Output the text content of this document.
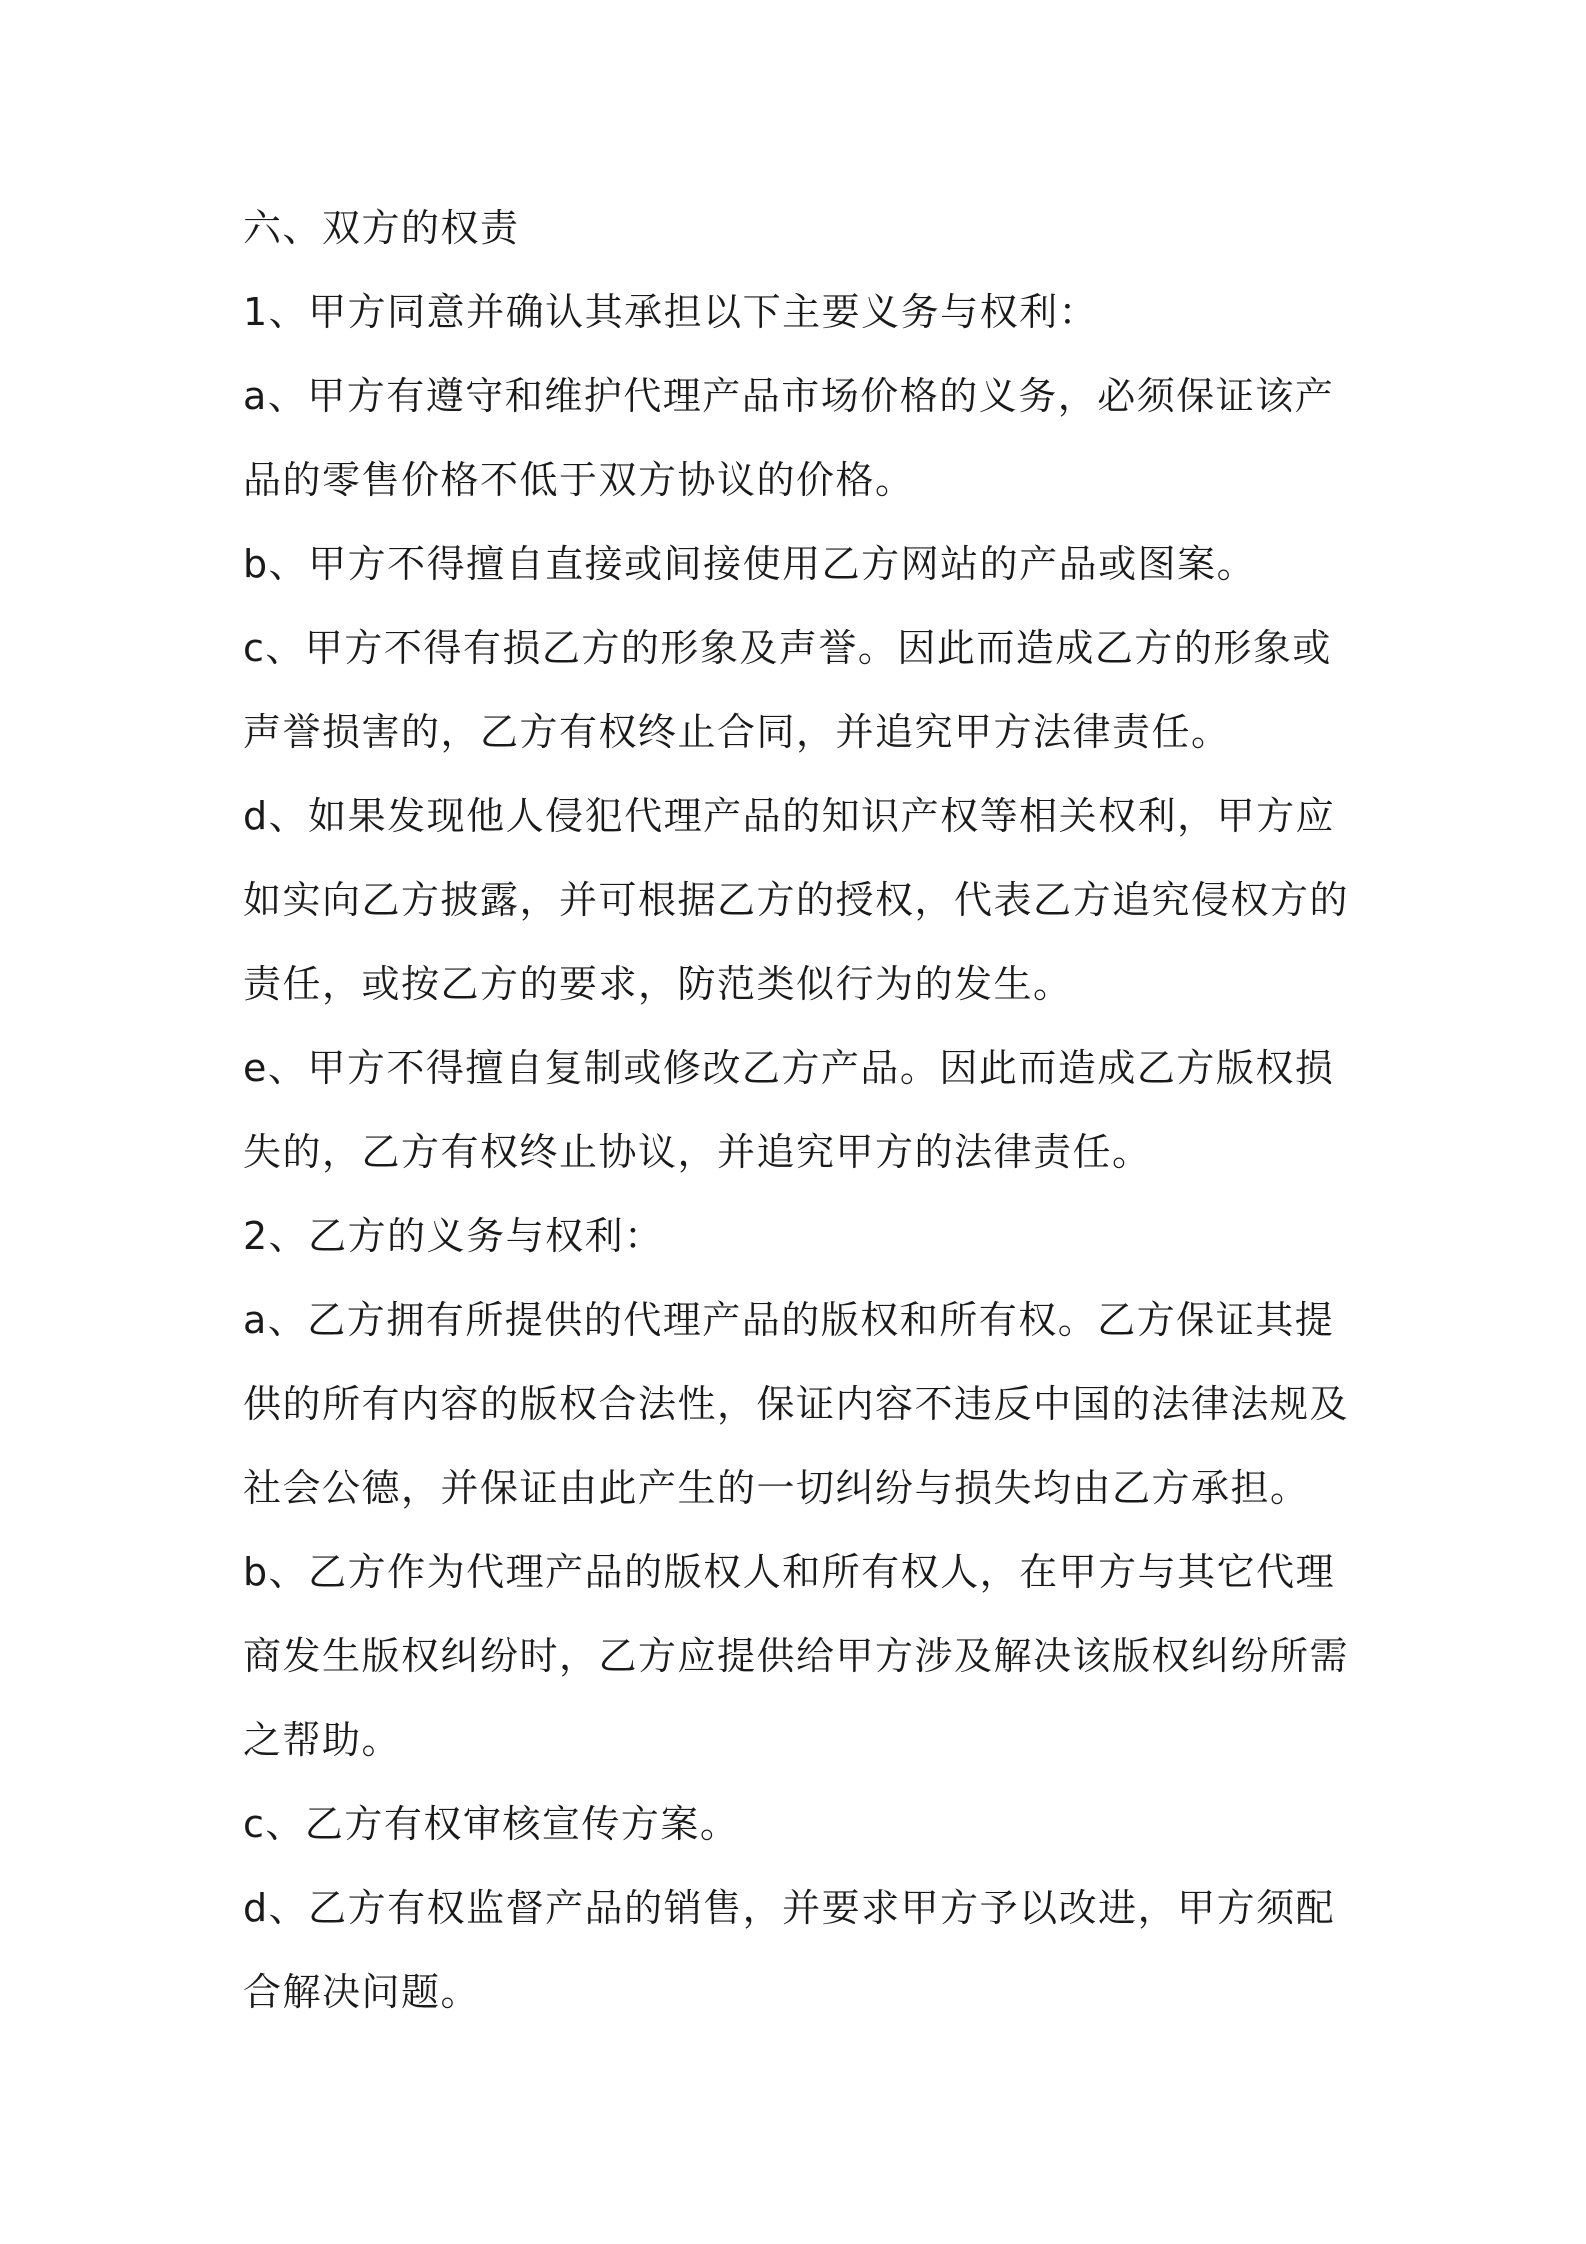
六、双方的权责
1、甲方同意并确认其承担以下主要义务与权利：
a、甲方有遵守和维护代理产品市场价格的义务，必须保证该产
品的零售价格不低于双方协议的价格。
b、甲方不得擅自直接或间接使用乙方网站的产品或图案。
c、甲方不得有损乙方的形象及声誉。因此而造成乙方的形象或
声誉损害的，乙方有权终止合同，并追究甲方法律责任。
d、如果发现他人侵犯代理产品的知识产权等相关权利，甲方应
如实向乙方披露，并可根据乙方的授权，代表乙方追究侵权方的
责任，或按乙方的要求，防范类似行为的发生。
e、甲方不得擅自复制或修改乙方产品。因此而造成乙方版权损
失的，乙方有权终止协议，并追究甲方的法律责任。
2、乙方的义务与权利：
a、乙方拥有所提供的代理产品的版权和所有权。乙方保证其提
供的所有内容的版权合法性，保证内容不违反中国的法律法规及
社会公德，并保证由此产生的一切纠纷与损失均由乙方承担。
b、乙方作为代理产品的版权人和所有权人，在甲方与其它代理
商发生版权纠纷时，乙方应提供给甲方涉及解决该版权纠纷所需
之帮助。
c、乙方有权审核宣传方案。
d、乙方有权监督产品的销售，并要求甲方予以改进，甲方须配
合解决问题。
